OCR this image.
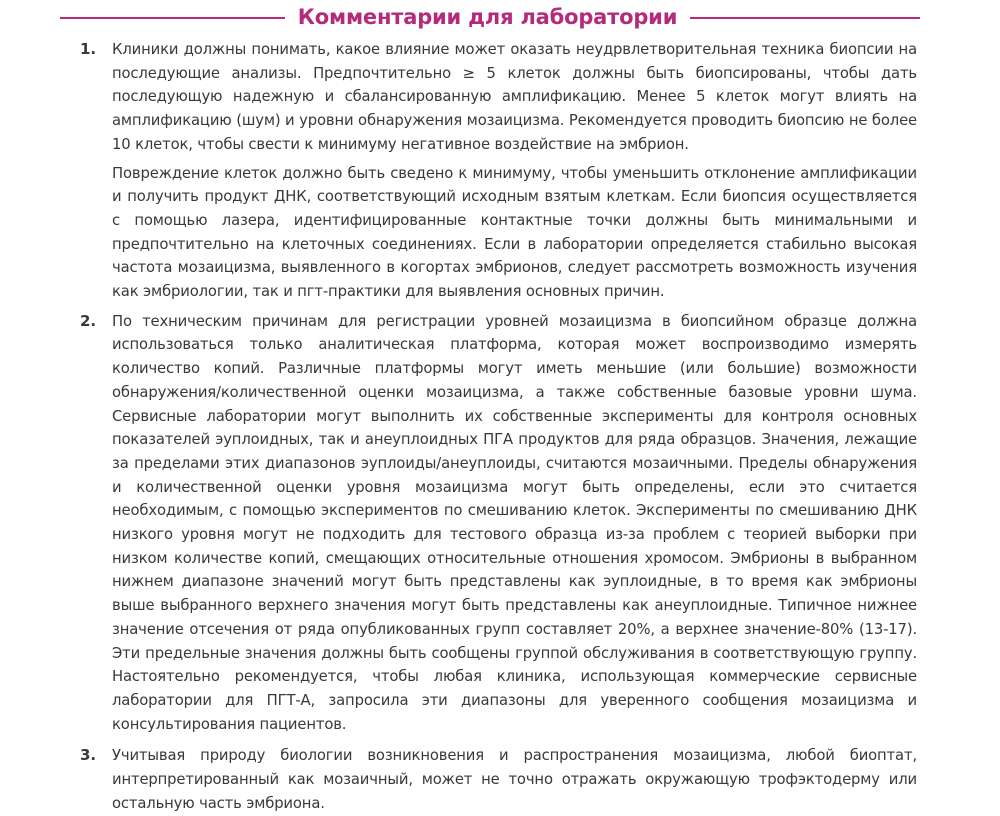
Комментарии для лаборатории
1. Клиники должны понимать, какое влияние может оказать неудрвлетворительная техника биопсии на последующие анализы. Предпочтительно ≥ 5 клеток должны быть биопсированы, чтобы дать последующую надежную и сбалансированную амплификацию. Менее 5 клеток могут влиять на амплификацию (шум) и уровни обнаружения мозаицизма. Рекомендуется проводить биопсию не более 10 клеток, чтобы свести к минимуму негативное воздействие на эмбрион.

Повреждение клеток должно быть сведено к минимуму, чтобы уменьшить отклонение амплификации и получить продукт ДНК, соответствующий исходным взятым клеткам. Если биопсия осуществляется с помощью лазера, идентифицированные контактные точки должны быть минимальными и предпочтительно на клеточных соединениях. Если в лаборатории определяется стабильно высокая частота мозаицизма, выявленного в когортах эмбрионов, следует рассмотреть возможность изучения как эмбриологии, так и пгт-практики для выявления основных причин.

2. По техническим причинам для регистрации уровней мозаицизма в биопсийном образце должна использоваться только аналитическая платформа, которая может воспроизводимо измерять количество копий. Различные платформы могут иметь меньшие (или большие) возможности обнаружения/количественной оценки мозаицизма, а также собственные базовые уровни шума. Сервисные лаборатории могут выполнить их собственные эксперименты для контроля основных показателей эуплоидных, так и анеуплоидных ПГА продуктов для ряда образцов. Значения, лежащие за пределами этих диапазонов эуплоиды/анеуплоиды, считаются мозаичными. Пределы обнаружения и количественной оценки уровня мозаицизма могут быть определены, если это считается необходимым, с помощью экспериментов по смешиванию клеток. Эксперименты по смешиванию ДНК низкого уровня могут не подходить для тестового образца из-за проблем с теорией выборки при низком количестве копий, смещающих относительные отношения хромосом. Эмбрионы в выбранном нижнем диапазоне значений могут быть представлены как эуплоидные, в то время как эмбрионы выше выбранного верхнего значения могут быть представлены как анеуплоидные. Типичное нижнее значение отсечения от ряда опубликованных групп составляет 20%, а верхнее значение-80% (13-17). Эти предельные значения должны быть сообщены группой обслуживания в соответствующую группу. Настоятельно рекомендуется, чтобы любая клиника, использующая коммерческие сервисные лаборатории для ПГТ-А, запросила эти диапазоны для уверенного сообщения мозаицизма и консультирования пациентов.

3. Учитывая природу биологии возникновения и распространения мозаицизма, любой биоптат, интерпретированный как мозаичный, может не точно отражать окружающую трофэктодерму или остальную часть эмбриона.
